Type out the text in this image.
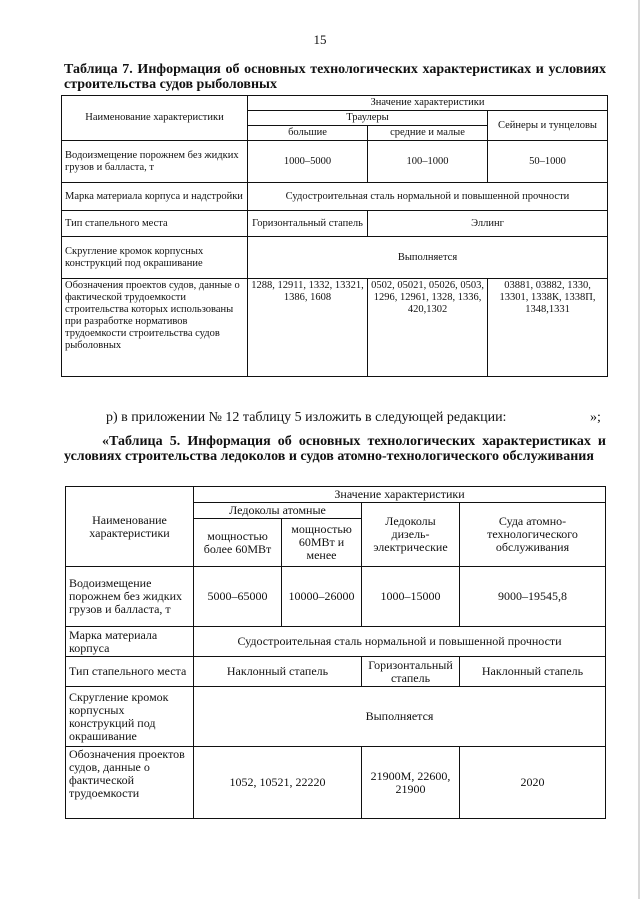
15
Таблица 7. Информация об основных технологических характеристиках и условиях строительства судов рыболовных
Наименование характеристики	Значение характеристики		
	Траулеры		Сейнеры и тунцеловы
	большие	средние и малые	
Водоизмещение порожнем без жидких грузов и балласта, т	1000–5000	100–1000	50–1000
Марка материала корпуса и надстройки	Судостроительная сталь нормальной и повышенной прочности		
Тип стапельного места	Горизонтальный стапель	Эллинг	
Скругление кромок корпусных конструкций под окрашивание	Выполняется		
Обозначения проектов судов, данные о фактической трудоемкости строительства которых использованы при разработке нормативов трудоемкости строительства судов рыболовных	1288, 12911, 1332, 13321, 1386, 1608	0502, 05021, 05026, 0503, 1296, 12961, 1328, 1336, 420,1302	03881, 03882, 1330, 13301, 1338К, 1338П, 1348,1331
р) в приложении № 12 таблицу 5 изложить в следующей редакции:	»;
«Таблица 5. Информация об основных технологических характеристиках и условиях строительства ледоколов и судов атомно-технологического обслуживания
Наименование характеристики	Значение характеристики			
	Ледоколы атомные		Ледоколы дизель-электрические	Суда атомно-технологического обслуживания
	мощностью более 60МВт	мощностью 60МВт и менее		
Водоизмещение порожнем без жидких грузов и балласта, т	5000–65000	10000–26000	1000–15000	9000–19545,8
Марка материала корпуса	Судостроительная сталь нормальной и повышенной прочности			
Тип стапельного места	Наклонный стапель		Горизонтальный стапель	Наклонный стапель
Скругление кромок корпусных конструкций под окрашивание	Выполняется			
Обозначения проектов судов, данные о фактической трудоемкости	1052, 10521, 22220		21900М, 22600, 21900	2020
